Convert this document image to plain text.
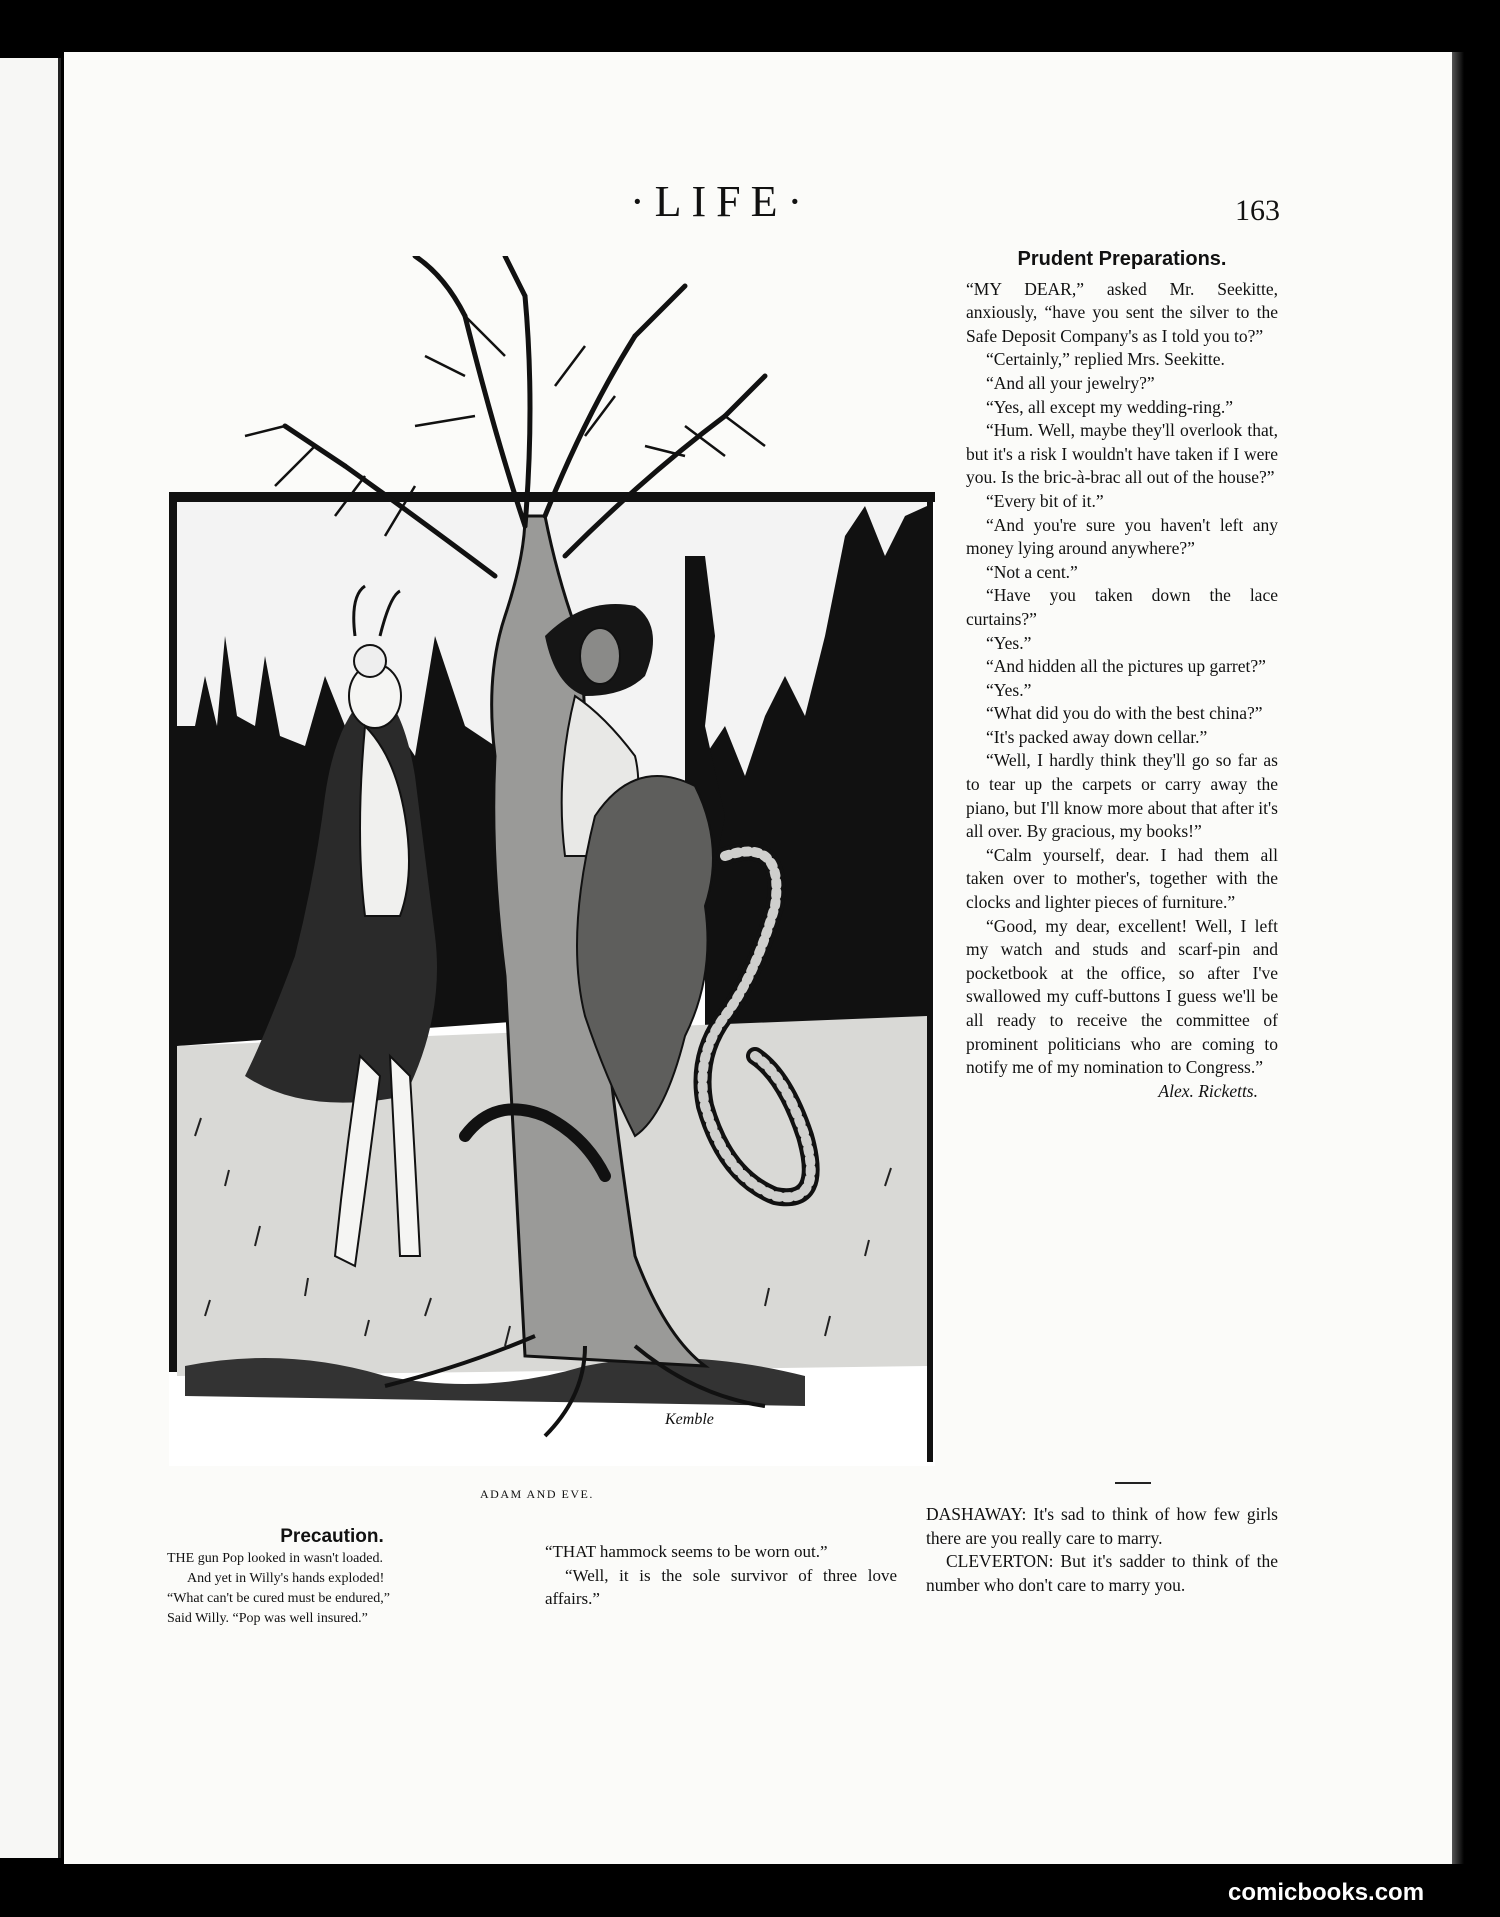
·LIFE·	163
Kemble
ADAM AND EVE.
Prudent Preparations.

“MY DEAR,” asked Mr. Seekitte, anxiously, “have you sent the silver to the Safe Deposit Company's as I told you to?”

“Certainly,” replied Mrs. Seekitte.

“And all your jewelry?”

“Yes, all except my wedding-ring.”

“Hum. Well, maybe they'll overlook that, but it's a risk I wouldn't have taken if I were you. Is the bric-à-brac all out of the house?”

“Every bit of it.”

“And you're sure you haven't left any money lying around anywhere?”

“Not a cent.”

“Have you taken down the lace curtains?”

“Yes.”

“And hidden all the pictures up garret?”

“Yes.”

“What did you do with the best china?”

“It's packed away down cellar.”

“Well, I hardly think they'll go so far as to tear up the carpets or carry away the piano, but I'll know more about that after it's all over. By gracious, my books!”

“Calm yourself, dear. I had them all taken over to mother's, together with the clocks and lighter pieces of furniture.”

“Good, my dear, excellent! Well, I left my watch and studs and scarf-pin and pocketbook at the office, so after I've swallowed my cuff-buttons I guess we'll be all ready to receive the committee of prominent politicians who are coming to notify me of my nomination to Congress.”

Alex. Ricketts.
Precaution.
THE gun Pop looked in wasn't loaded.
And yet in Willy's hands exploded!
“What can't be cured must be endured,”
Said Willy. “Pop was well insured.”

“THAT hammock seems to be worn out.”

“Well, it is the sole survivor of three love affairs.”

DASHAWAY: It's sad to think of how few girls there are you really care to marry.

CLEVERTON: But it's sadder to think of the number who don't care to marry you.

comicbooks.com
